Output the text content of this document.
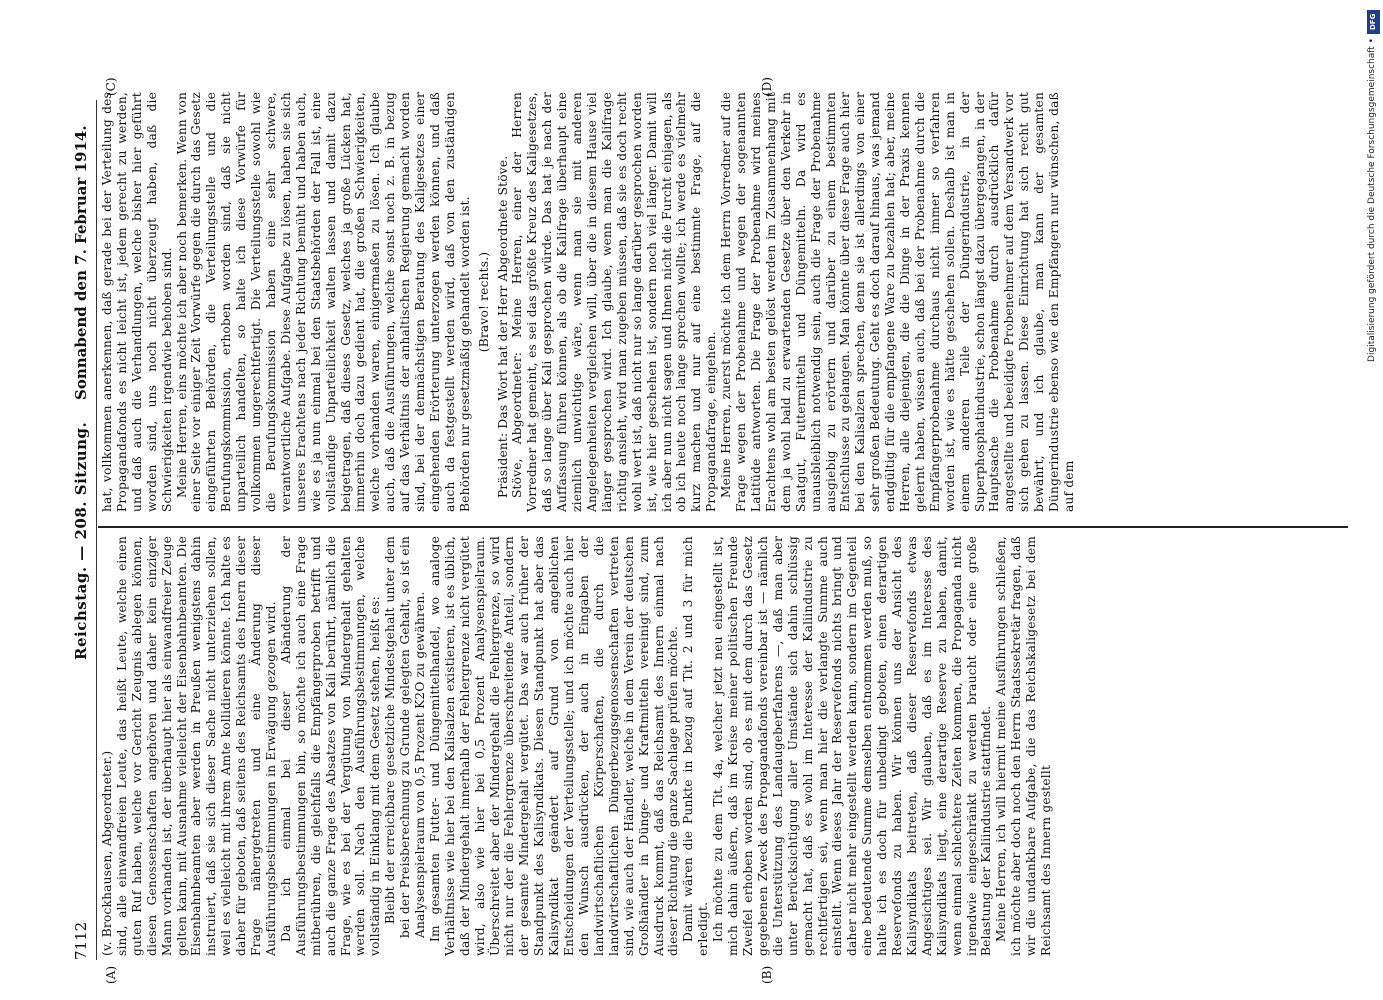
7112
Reichstag. — 208. Sitzung.
Sonnabend den 7. Februar 1914.
(A)	(B)
(C)	(D)

(v. Brockhausen, Abgeordneter.) sind, alle einwandfreien Leute, das heißt Leute, welche einen guten Ruf haben, welche vor Gericht Zeugnis ablegen können, diesen Genossenschaften angehören und daher kein einziger Mann vorhanden ist, der überhaupt hier als einwandfreier Zeuge gelten kann, mit Ausnahme vielleicht der Eisenbahnbeamten. Die Eisenbahnbeamten aber werden in Preußen wenigstens dahin instruiert, daß sie sich dieser Sache nicht unterziehen sollen, weil es vielleicht mit ihrem Amte kollidieren könnte. Ich halte es daher für geboten, daß seitens des Reichsamts des Innern dieser Frage nähergetreten und eine Änderung dieser Ausführungsbestimmungen in Erwägung gezogen wird. Da ich einmal bei dieser Abänderung der Ausführungsbestimmungen bin, so möchte ich auch eine Frage mitberühren, die gleichfalls die Empfängerproben betrifft und auch die ganze Frage des Absatzes von Kali berührt, nämlich die Frage, wie es bei der Vergütung von Mindergehalt gehalten werden soll. Nach den Ausführungsbestimmungen, welche vollständig in Einklang mit dem Gesetz stehen, heißt es: Bleibt der erreichbare gesetzliche Mindestgehalt unter dem bei der Preisberechnung zu Grunde gelegten Gehalt, so ist ein Analysenspielraum von 0,5 Prozent K2O zu gewähren. Im gesamten Futter- und Düngemittelhandel, wo analoge Verhältnisse wie hier bei den Kalisalzen existieren, ist es üblich, daß der Mindergehalt innerhalb der Fehlergrenze nicht vergütet wird, also wie hier bei 0,5 Prozent Analysenspielraum. Überschreitet aber der Mindergehalt die Fehlergrenze, so wird nicht nur der die Fehlergrenze überschreitende Anteil, sondern der gesamte Mindergehalt vergütet. Das war auch früher der Standpunkt des Kalisyndikats. Diesen Standpunkt hat aber das Kalisyndikat geändert auf Grund von angeblichen Entscheidungen der Verteilungsstelle; und ich möchte auch hier den Wunsch ausdrücken, der auch in Eingaben der landwirtschaftlichen Körperschaften, die durch die landwirtschaftlichen Düngerbezugsgenossenschaften vertreten sind, wie auch der Händler, welche in dem Verein der deutschen Großhändler in Dünge- und Kraftmitteln vereinigt sind, zum Ausdruck kommt, daß das Reichsamt des Innern einmal nach dieser Richtung die ganze Sachlage prüfen möchte. Damit wären die Punkte in bezug auf Tit. 2 und 3 für mich erledigt. Ich möchte zu dem Tit. 4a, welcher jetzt neu eingestellt ist, mich dahin äußern, daß im Kreise meiner politischen Freunde Zweifel erhoben worden sind, ob es mit dem durch das Gesetz gegebenen Zweck des Propagandafonds vereinbar ist — nämlich die Unterstützung des Landaugeberfahrens —, daß man aber unter Berücksichtigung aller Umstände sich dahin schlüssig gemacht hat, daß es wohl im Interesse der Kaliindustrie zu rechtfertigen sei, wenn man hier die verlangte Summe auch einstellt. Wenn dieses Jahr der Reservefonds nichts bringt und daher nicht mehr eingestellt werden kann, sondern im Gegenteil eine bedeutende Summe demselben entnommen werden muß, so halte ich es doch für unbedingt geboten, einen derartigen Reservefonds zu haben. Wir können uns der Ansicht des Kalisyndikats beitreten, daß dieser Reservefonds etwas Angesichtiges sei. Wir glauben, daß es im Interesse des Kalisyndikats liegt, eine derartige Reserve zu haben, damit, wenn einmal schlechtere Zeiten kommen, die Propaganda nicht irgendwie eingeschränkt zu werden braucht oder eine große Belastung der Kaliindustrie stattfindet. Meine Herren, ich will hiermit meine Ausführungen schließen, ich möchte aber doch noch den Herrn Staatssekretär fragen, daß wir die undankbare Aufgabe, die das Reichskaligesetz bei dem Reichsamt des Innern gestellt

hat, vollkommen anerkennen, daß gerade bei der Verteilung des Propagandafonds es nicht leicht ist, jedem gerecht zu werden, und daß auch die Verhandlungen, welche bisher hier geführt worden sind, uns noch nicht überzeugt haben, daß die Schwierigkeiten irgendwie behoben sind. Meine Herren, eins möchte ich aber noch bemerken. Wenn von einer Seite vor einiger Zeit Vorwürfe gegen die durch das Gesetz eingeführten Behörden, die Verteilungsstelle und die Berufungskommission, erhoben worden sind, daß sie nicht unparteilich handelten, so halte ich diese Vorwürfe für vollkommen ungerechtfertigt. Die Verteilungsstelle sowohl wie die Berufungskommission haben eine sehr schwere, verantwortliche Aufgabe. Diese Aufgabe zu lösen, haben sie sich unseres Erachtens nach jeder Richtung bemüht und haben auch, wie es ja nun einmal bei den Staatsbehörden der Fall ist, eine vollständige Unparteilichkeit walten lassen und damit dazu beigetragen, daß dieses Gesetz, welches ja große Lücken hat, immerhin doch dazu gedient hat, die großen Schwierigkeiten, welche vorhanden waren, einigermaßen zu lösen. Ich glaube auch, daß die Ausführungen, welche sonst noch z. B. in bezug auf das Verhältnis der anhaltischen Regierung gemacht worden sind, bei der demnächstigen Beratung des Kaligesetzes einer eingehenden Erörterung unterzogen werden können, und daß auch da festgestellt werden wird, daß von den zuständigen Behörden nur gesetzmäßig gehandelt worden ist. (Bravo! rechts.) Präsident: Das Wort hat der Herr Abgeordnete Stöve. Stöve, Abgeordneter: Meine Herren, einer der Herren Vorredner hat gemeint, es sei das größte Kreuz des Kaligesetzes, daß so lange über Kali gesprochen würde. Das hat je nach der Auffassung führen können, als ob die Kalifrage überhaupt eine ziemlich unwichtige wäre, wenn man sie mit anderen Angelegenheiten vergleichen will, über die in diesem Hause viel länger gesprochen wird. Ich glaube, wenn man die Kalifrage richtig ansieht, wird man zugeben müssen, daß sie es doch recht wohl wert ist, daß nicht nur so lange darüber gesprochen worden ist, wie hier geschehen ist, sondern noch viel länger. Damit will ich aber nun nicht sagen und Ihnen nicht die Furcht einjagen, als ob ich heute noch lange sprechen wollte; ich werde es vielmehr kurz machen und nur auf eine bestimmte Frage, auf die Propagandafrage, eingehen. Meine Herren, zuerst möchte ich dem Herrn Vorredner auf die Frage wegen der Probenahme und wegen der sogenannten Latitüde antworten. Die Frage der Probenahme wird meines Erachtens wohl am besten gelöst werden im Zusammenhang mit dem ja wohl bald zu erwartenden Gesetze über den Verkehr in Saatgut, Futtermitteln und Düngemitteln. Da wird es unausbleiblich notwendig sein, auch die Frage der Probenahme ausgiebig zu erörtern und darüber zu einem bestimmten Entschlusse zu gelangen. Man könnte über diese Frage auch hier bei den Kalisalzen sprechen, denn sie ist allerdings von einer sehr großen Bedeutung. Geht es doch darauf hinaus, was jemand endgültig für die empfangene Ware zu bezahlen hat; aber, meine Herren, alle diejenigen, die die Dinge in der Praxis kennen gelernt haben, wissen auch, daß bei der Probenahme durch die Empfängerprobenahme durchaus nicht immer so verfahren worden ist, wie es hätte geschehen sollen. Deshalb ist man in einem anderen Teile der Düngerindustrie, in der Superphosphatindustrie, schon längst dazu übergegangen, in der Hauptsache die Probenahme durch ausdrücklich dafür angestellte und beeidigte Probenehmer auf dem Versandwerk vor sich gehen zu lassen. Diese Einrichtung hat sich recht gut bewährt, und ich glaube, man kann der gesamten Düngerindustrie ebenso wie den Empfängern nur wünschen, daß auf dem

DFG
Digitalisierung gefördert durch die Deutsche Forschungsgemeinschaft •
